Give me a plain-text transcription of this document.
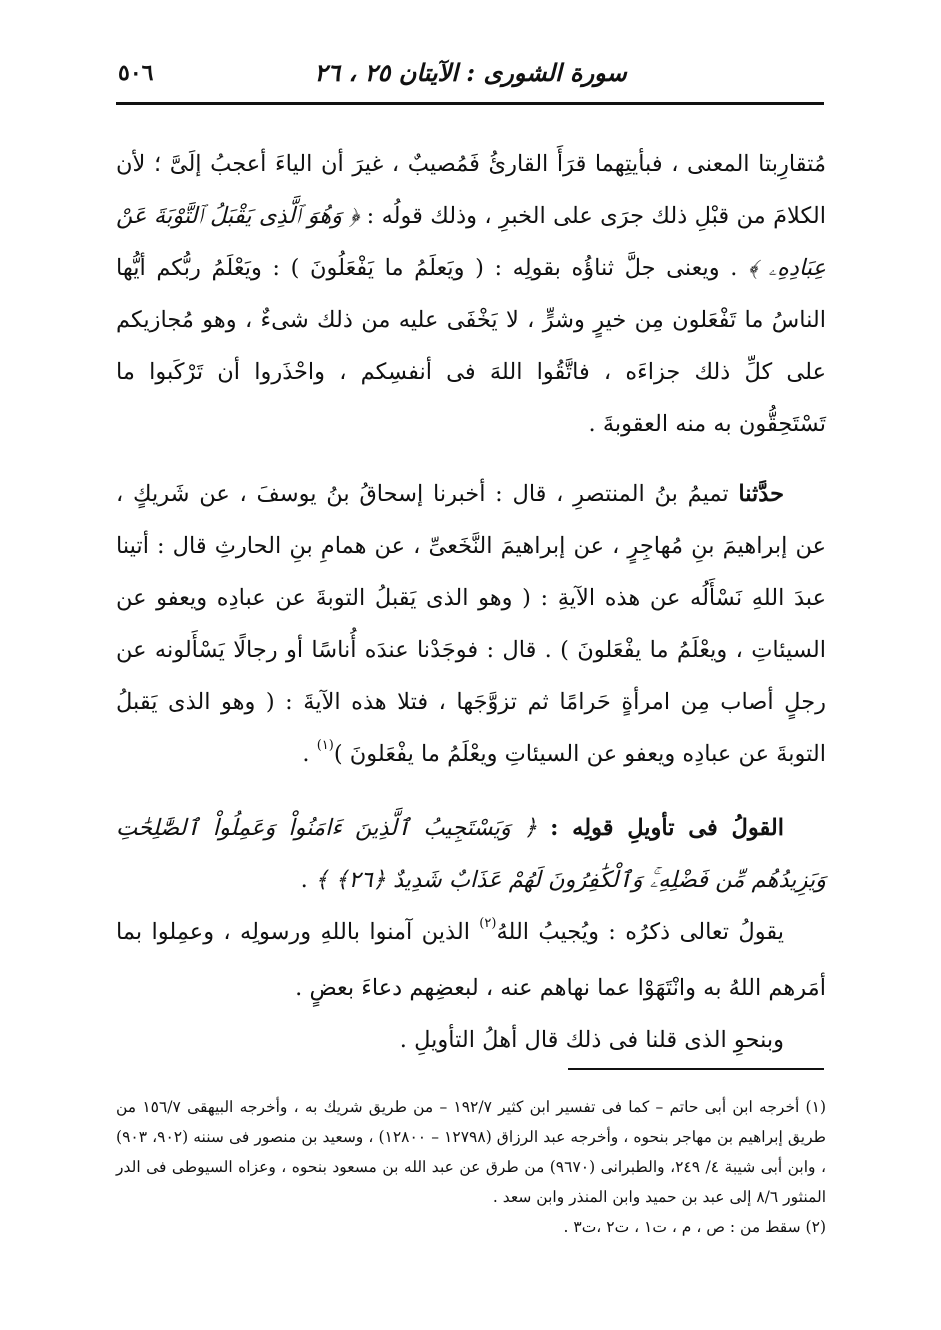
سورة الشورى : الآيتان ٢٥ ، ٢٦
٥٠٦

مُتقارِبتا المعنى ، فبأيتِهما قرَأَ القارئُ فَمُصيبٌ ، غيرَ أن الياءَ أعجبُ إلَىَّ ؛ لأن الكلامَ من قبْلِ ذلك جرَى على الخبرِ ، وذلك قولُه : ﴿ وَهُوَ ٱلَّذِى يَقْبَلُ ٱلتَّوْبَةَ عَنْ عِبَادِهِۦ ﴾ . ويعنى جلَّ ثناؤُه بقولِه : ( ويَعلَمُ ما يَفْعَلُونَ ) : ويَعْلَمُ ربُّكم أيُّها الناسُ ما تَفْعَلون مِن خيرٍ وشرٍّ ، لا يَخْفَى عليه من ذلك شىءٌ ، وهو مُجازيكم على كلِّ ذلك جزاءَه ، فاتَّقُوا اللهَ فى أنفسِكم ، واحْذَروا أن تَرْكَبوا ما تَسْتَحِقُّون به منه العقوبةَ .

حدَّثنا تميمُ بنُ المنتصرِ ، قال : أخبرنا إسحاقُ بنُ يوسفَ ، عن شَريكٍ ، عن إبراهيمَ بنِ مُهاجِرٍ ، عن إبراهيمَ النَّخَعىِّ ، عن همامِ بنِ الحارثِ قال : أتينا عبدَ اللهِ نَسْأَلُه عن هذه الآيةِ : ( وهو الذى يَقبلُ التوبةَ عن عبادِه ويعفو عن السيئاتِ ، ويعْلَمُ ما يفْعَلونَ ) . قال : فوجَدْنا عندَه أُناسًا أو رجالًا يَسْأَلونه عن رجلٍ أصاب مِن امرأةٍ حَرامًا ثم تزوَّجَها ، فتلا هذه الآيةَ : ( وهو الذى يَقبلُ التوبةَ عن عبادِه ويعفو عن السيئاتِ ويعْلَمُ ما يفْعَلونَ )$^{(١)}$ .

القولُ فى تأويلِ قولِه : ﴿ وَيَسْتَجِيبُ ٱلَّذِينَ ءَامَنُواْ وَعَمِلُواْ ٱلصَّٰلِحَٰتِ وَيَزِيدُهُم مِّن فَضْلِهِۦۚ وَٱلْكَٰفِرُونَ لَهُمْ عَذَابٌ شَدِيدٌ ﴿٢٦﴾ ﴾ .

يقولُ تعالى ذكرُه : ويُجيبُ اللهُ$^{(٢)}$ الذين آمنوا باللهِ ورسولِه ، وعمِلوا بما أمَرهم اللهُ به وانْتَهَوْا عما نهاهم عنه ، لبعضِهم دعاءَ بعضٍ .

وبنحوِ الذى قلنا فى ذلك قال أهلُ التأويلِ .

(١) أخرجه ابن أبى حاتم – كما فى تفسير ابن كثير ١٩٢/٧ – من طريق شريك به ، وأخرجه البيهقى ١٥٦/٧ من طريق إبراهيم بن مهاجر بنحوه ، وأخرجه عبد الرزاق (١٢٧٩٨ – ١٢٨٠٠) ، وسعيد بن منصور فى سننه (٩٠٢، ٩٠٣) ، وابن أبى شيبة ٤/ ٢٤٩، والطبرانى (٩٦٧٠) من طرق عن عبد الله بن مسعود بنحوه ، وعزاه السيوطى فى الدر المنثور ٨/٦ إلى عبد بن حميد وابن المنذر وابن سعد .

(٢) سقط من : ص ، م ، ت١ ، ت٢ ،ت٣ .
